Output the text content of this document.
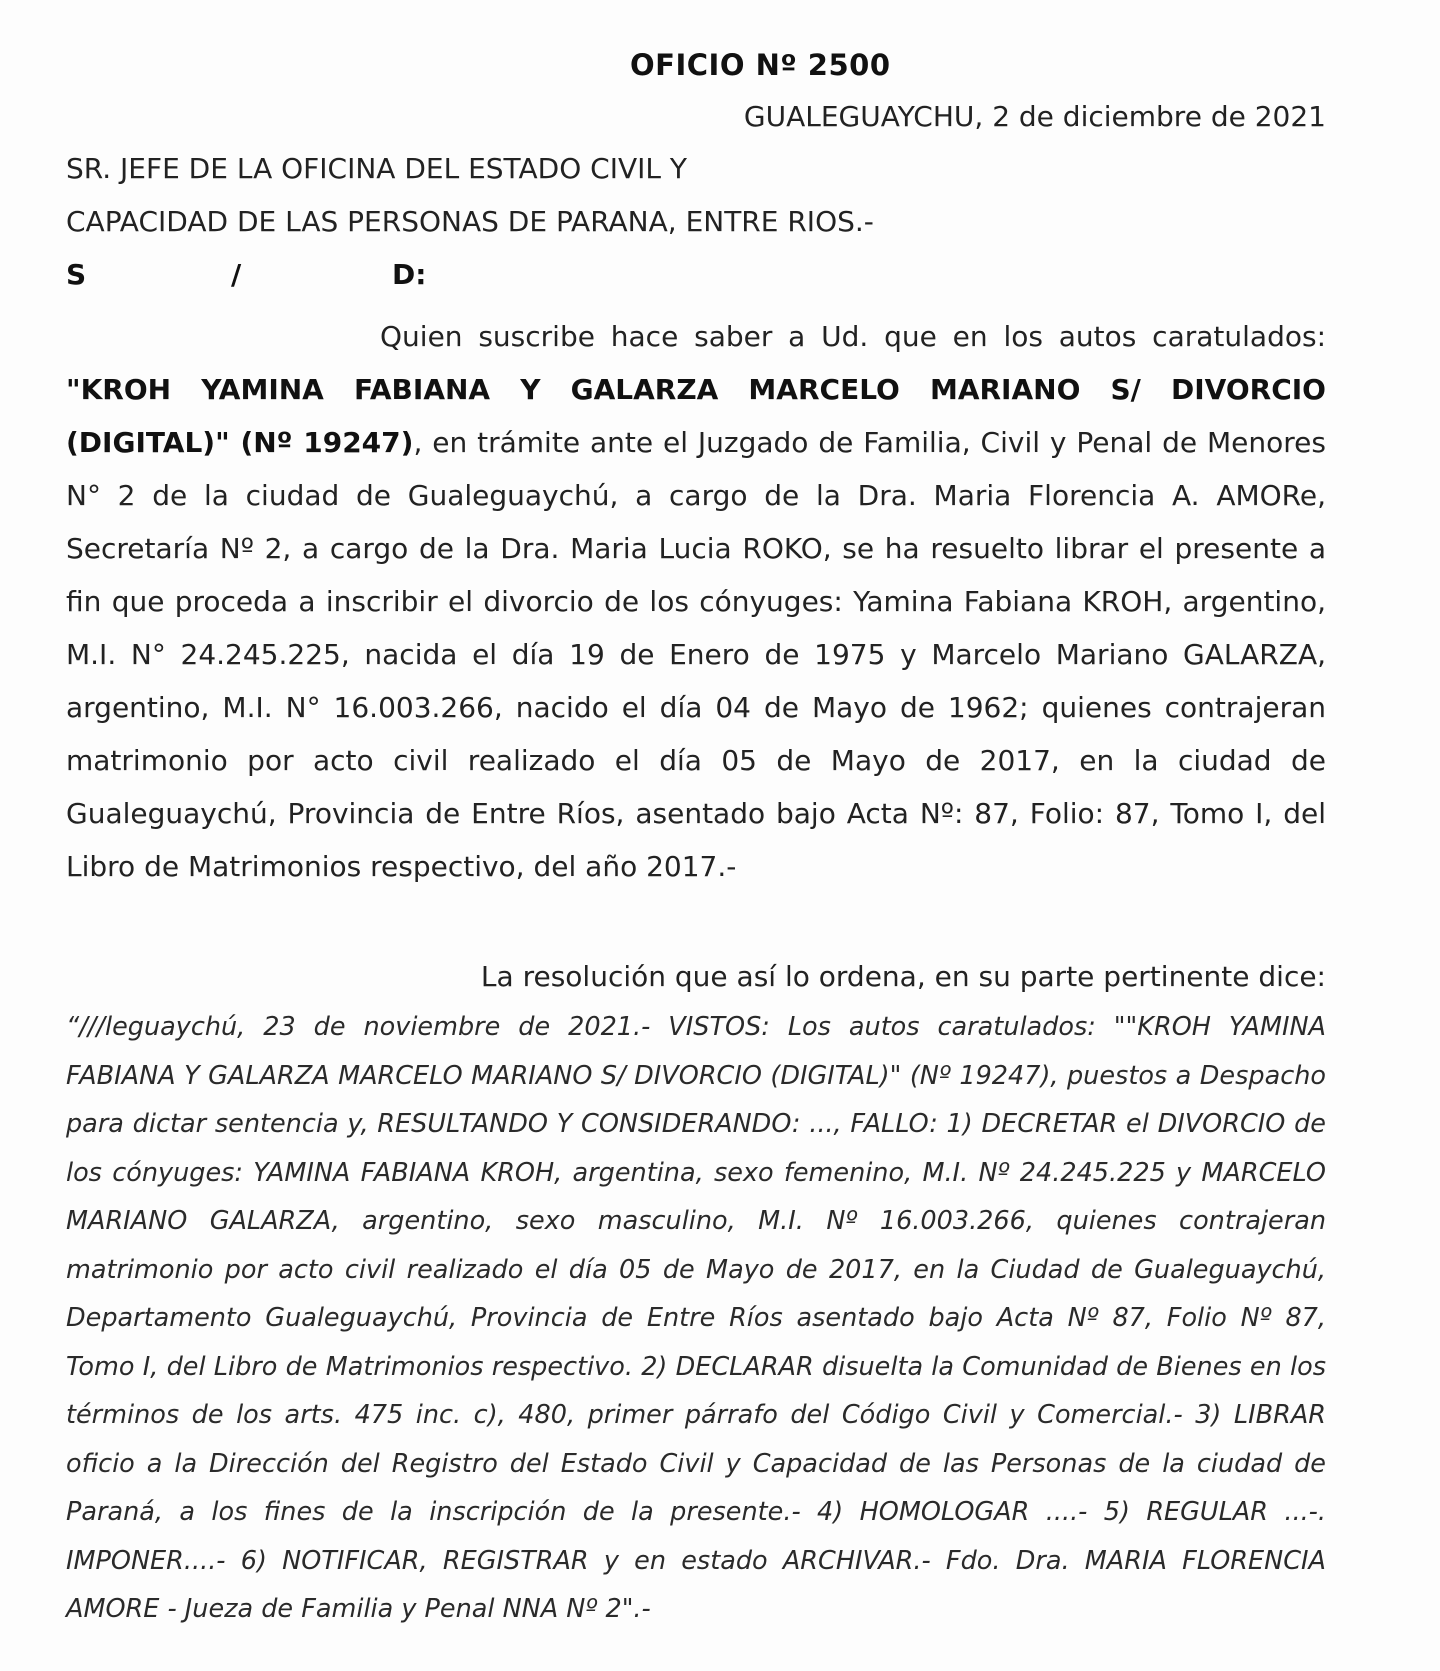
OFICIO Nº 2500
GUALEGUAYCHU, 2 de diciembre de 2021
SR. JEFE DE LA OFICINA DEL ESTADO CIVIL Y
CAPACIDAD DE LAS PERSONAS DE PARANA, ENTRE RIOS.-
S	/	D:

Quien suscribe hace saber a Ud. que en los autos caratulados: "KROH YAMINA FABIANA Y GALARZA MARCELO MARIANO S/ DIVORCIO (DIGITAL)" (Nº 19247), en trámite ante el Juzgado de Familia, Civil y Penal de Menores N° 2 de la ciudad de Gualeguaychú, a cargo de la Dra. Maria Florencia A. AMORe, Secretaría Nº 2, a cargo de la Dra. Maria Lucia ROKO, se ha resuelto librar el presente a fin que proceda a inscribir el divorcio de los cónyuges: Yamina Fabiana KROH, argentino, M.I. N° 24.245.225, nacida el día 19 de Enero de 1975 y Marcelo Mariano GALARZA, argentino, M.I. N° 16.003.266, nacido el día 04 de Mayo de 1962; quienes contrajeran matrimonio por acto civil realizado el día 05 de Mayo de 2017, en la ciudad de Gualeguaychú, Provincia de Entre Ríos, asentado bajo Acta Nº: 87, Folio: 87, Tomo I, del Libro de Matrimonios respectivo, del año 2017.-

La resolución que así lo ordena, en su parte pertinente dice:

“///leguaychú, 23 de noviembre de 2021.- VISTOS: Los autos caratulados: ""KROH YAMINA FABIANA Y GALARZA MARCELO MARIANO S/ DIVORCIO (DIGITAL)" (Nº 19247), puestos a Despacho para dictar sentencia y, RESULTANDO Y CONSIDERANDO: ..., FALLO: 1) DECRETAR el DIVORCIO de los cónyuges: YAMINA FABIANA KROH, argentina, sexo femenino, M.I. Nº 24.245.225 y MARCELO MARIANO GALARZA, argentino, sexo masculino, M.I. Nº 16.003.266, quienes contrajeran matrimonio por acto civil realizado el día 05 de Mayo de 2017, en la Ciudad de Gualeguaychú, Departamento Gualeguaychú, Provincia de Entre Ríos asentado bajo Acta Nº 87, Folio Nº 87, Tomo I, del Libro de Matrimonios respectivo. 2) DECLARAR disuelta la Comunidad de Bienes en los términos de los arts. 475 inc. c), 480, primer párrafo del Código Civil y Comercial.- 3) LIBRAR oficio a la Dirección del Registro del Estado Civil y Capacidad de las Personas de la ciudad de Paraná, a los fines de la inscripción de la presente.- 4) HOMOLOGAR ....- 5) REGULAR ...-. IMPONER....- 6) NOTIFICAR, REGISTRAR y en estado ARCHIVAR.- Fdo. Dra. MARIA FLORENCIA AMORE - Jueza de Familia y Penal NNA Nº 2".-
